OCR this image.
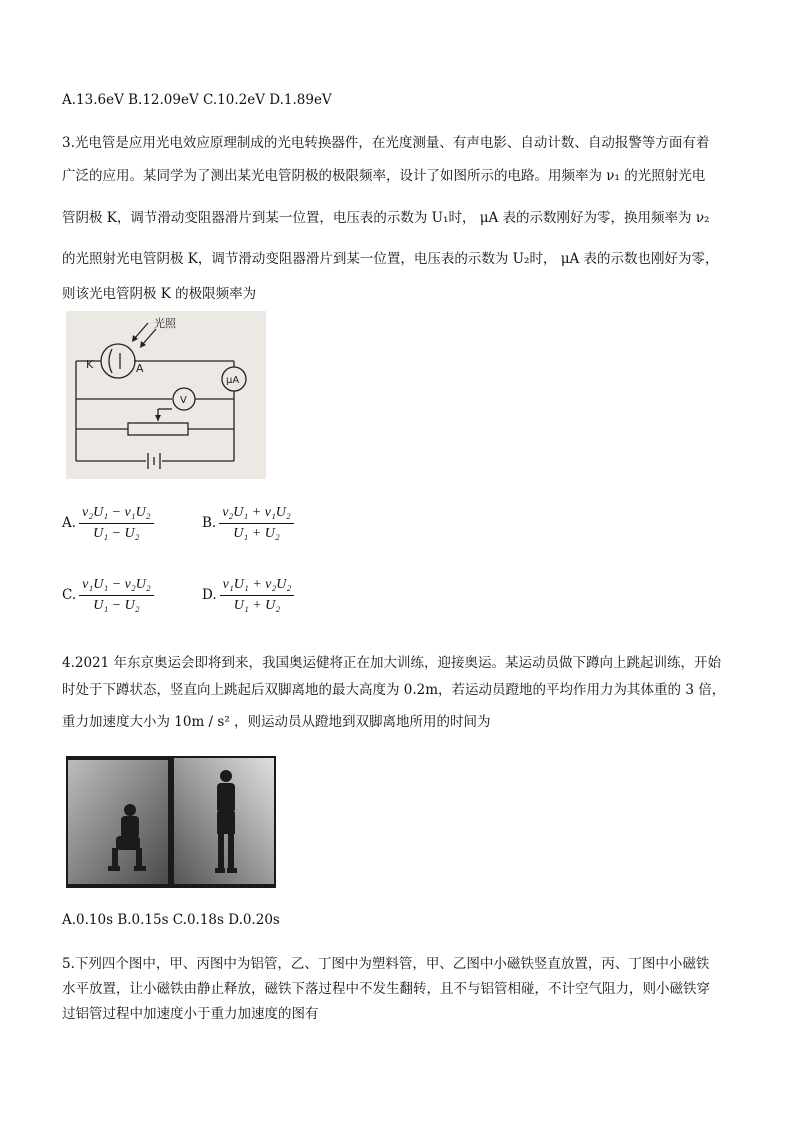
A.13.6eV B.12.09eV C.10.2eV D.1.89eV
3.光电管是应用光电效应原理制成的光电转换器件，在光度测量、有声电影、自动计数、自动报警等方面有着
广泛的应用。某同学为了测出某光电管阴极的极限频率，设计了如图所示的电路。用频率为 ν₁ 的光照射光电
管阴极 K，调节滑动变阻器滑片到某一位置，电压表的示数为 U₁时， μA 表的示数刚好为零，换用频率为 ν₂
的光照射光电管阴极 K，调节滑动变阻器滑片到某一位置，电压表的示数为 U₂时， μA 表的示数也刚好为零，
则该光电管阴极 K 的极限频率为
光照
K	A
μA
V
A. $\frac{\text{ν₂U₁ − ν₁U₂}}{\text{U₁ − U₂}}$	B. $\frac{\text{ν₂U₁ + ν₁U₂}}{\text{U₁ + U₂}}$
C. $\frac{\text{ν₁U₁ − ν₂U₂}}{\text{U₁ − U₂}}$	D. $\frac{\text{ν₁U₁ + ν₂U₂}}{\text{U₁ + U₂}}$
4.2021 年东京奥运会即将到来，我国奥运健将正在加大训练，迎接奥运。某运动员做下蹲向上跳起训练，开始
时处于下蹲状态，竖直向上跳起后双脚离地的最大高度为 0.2m，若运动员蹬地的平均作用力为其体重的 3 倍，
重力加速度大小为 10m / s² ，则运动员从蹬地到双脚离地所用的时间为
A.0.10s B.0.15s C.0.18s D.0.20s
5.下列四个图中，甲、丙图中为铝管，乙、丁图中为塑料管，甲、乙图中小磁铁竖直放置，丙、丁图中小磁铁
水平放置，让小磁铁由静止释放，磁铁下落过程中不发生翻转，且不与铝管相碰，不计空气阻力，则小磁铁穿
过铝管过程中加速度小于重力加速度的图有
